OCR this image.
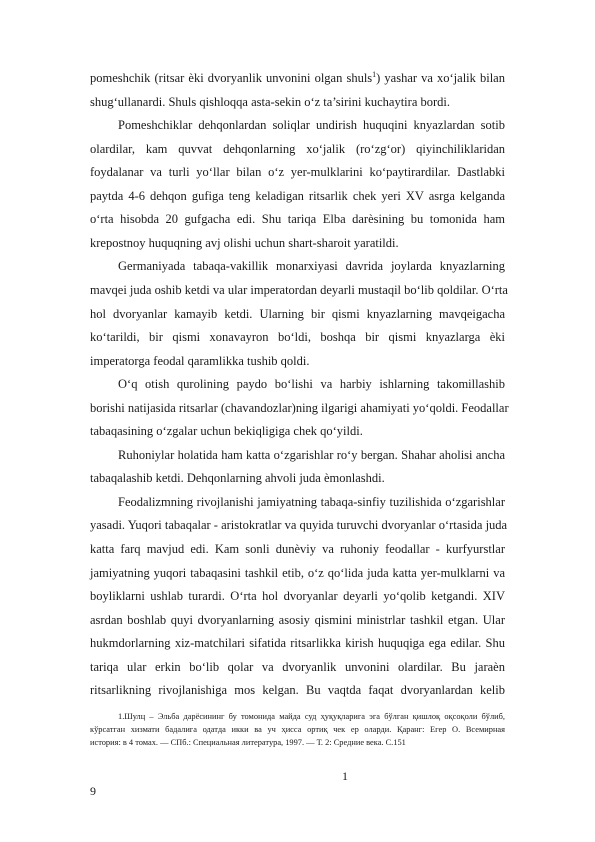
pomeshchik (ritsar èki dvoryanlik unvonini olgan shuls$^1$) yashar va xo‘jalik bilan
shug‘ullanardi. Shuls qishloqqa asta-sekin o‘z ta’sirini kuchaytira bordi.
Pomeshchiklar dehqonlardan soliqlar undirish huquqini knyazlardan sotib
olardilar, kam quvvat dehqonlarning xo‘jalik (ro‘zg‘or) qiyinchiliklaridan
foydalanar va turli yo‘llar bilan o‘z yer-mulklarini ko‘paytirardilar. Dastlabki
paytda 4-6 dehqon gufiga teng keladigan ritsarlik chek yeri XV asrga kelganda
o‘rta hisobda 20 gufgacha edi. Shu tariqa Elba darèsining bu tomonida ham
krepostnoy huquqning avj olishi uchun shart-sharoit yaratildi.
Germaniyada tabaqa-vakillik monarxiyasi davrida joylarda knyazlarning
mavqei juda oshib ketdi va ular imperatordan deyarli mustaqil bo‘lib qoldilar. O‘rta
hol dvoryanlar kamayib ketdi. Ularning bir qismi knyazlarning mavqeigacha
ko‘tarildi, bir qismi xonavayron bo‘ldi, boshqa bir qismi knyazlarga èki
imperatorga feodal qaramlikka tushib qoldi.
O‘q otish qurolining paydo bo‘lishi va harbiy ishlarning takomillashib
borishi natijasida ritsarlar (chavandozlar)ning ilgarigi ahamiyati yo‘qoldi. Feodallar
tabaqasining o‘zgalar uchun bekiqligiga chek qo‘yildi.
Ruhoniylar holatida ham katta o‘zgarishlar ro‘y bergan. Shahar aholisi ancha
tabaqalashib ketdi. Dehqonlarning ahvoli juda èmonlashdi.
Feodalizmning rivojlanishi jamiyatning tabaqa-sinfiy tuzilishida o‘zgarishlar
yasadi. Yuqori tabaqalar - aristokratlar va quyida turuvchi dvoryanlar o‘rtasida juda
katta farq mavjud edi. Kam sonli dunèviy va ruhoniy feodallar - kurfyurstlar
jamiyatning yuqori tabaqasini tashkil etib, o‘z qo‘lida juda katta yer-mulklarni va
boyliklarni ushlab turardi. O‘rta hol dvoryanlar deyarli yo‘qolib ketgandi. XIV
asrdan boshlab quyi dvoryanlarning asosiy qismini ministrlar tashkil etgan. Ular
hukmdorlarning xiz-matchilari sifatida ritsarlikka kirish huquqiga ega edilar. Shu
tariqa ular erkin bo‘lib qolar va dvoryanlik unvonini olardilar. Bu jaraèn
ritsarlikning rivojlanishiga mos kelgan. Bu vaqtda faqat dvoryanlardan kelib
1.Шулц – Эльба дарёсининг бу томонида майда суд ҳуқуқларига эга бўлган қишлоқ оқсоқоли бўлиб,
кўрсатган хизмати бадалига одатда икки ва уч ҳисса ортиқ чек ер оларди. Қаранг: Егер О. Всемирная
история: в 4 томах. — СПб.: Специальная литература, 1997. — Т. 2: Средние века. С.151
1
9
